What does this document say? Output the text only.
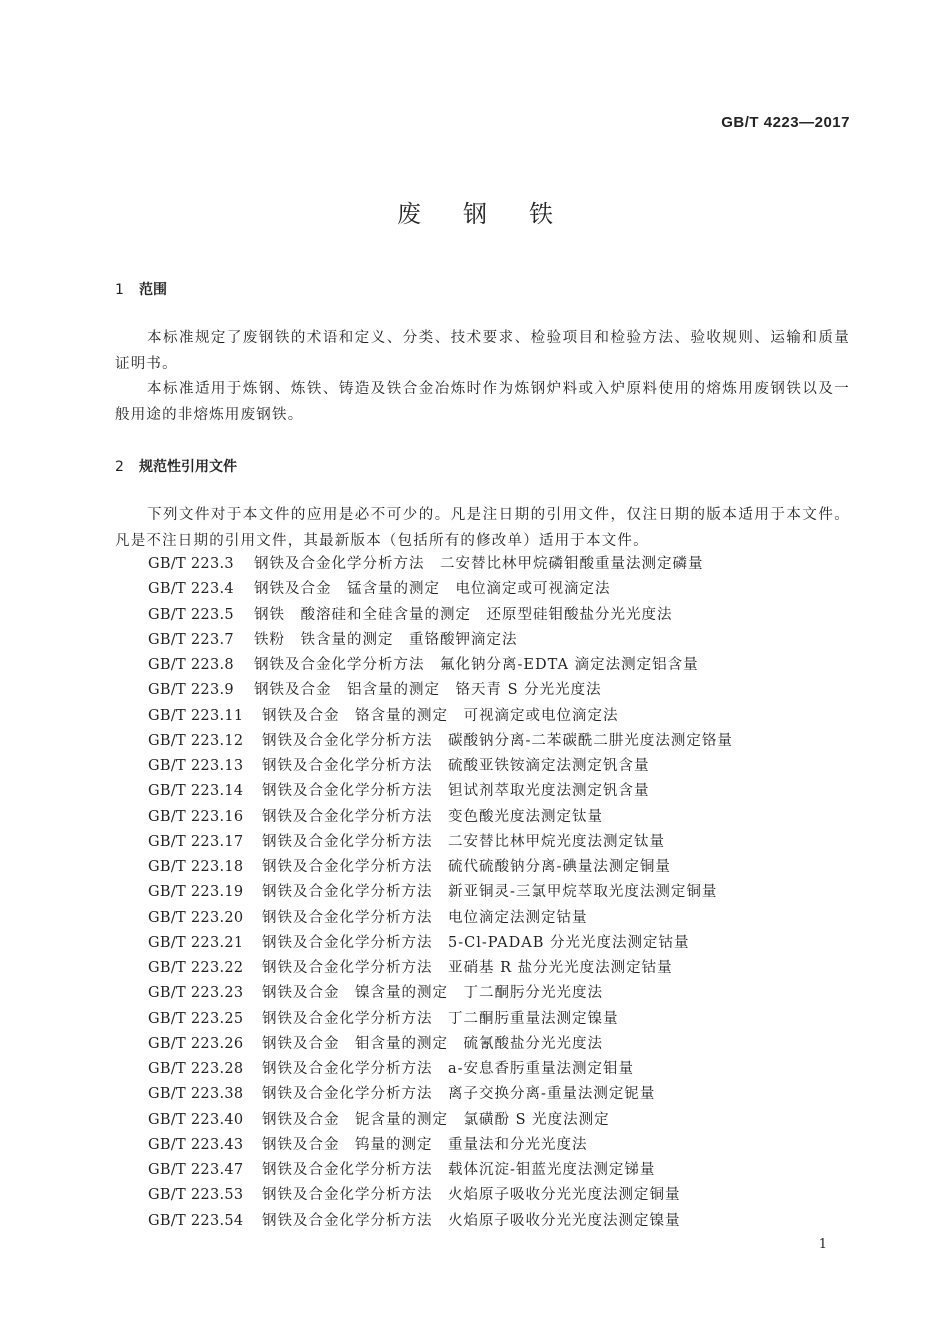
GB/T 4223—2017
废钢铁
1 范围
本标准规定了废钢铁的术语和定义、分类、技术要求、检验项目和检验方法、验收规则、运输和质量证明书。
本标准适用于炼钢、炼铁、铸造及铁合金冶炼时作为炼钢炉料或入炉原料使用的熔炼用废钢铁以及一般用途的非熔炼用废钢铁。
2 规范性引用文件
下列文件对于本文件的应用是必不可少的。凡是注日期的引用文件，仅注日期的版本适用于本文件。凡是不注日期的引用文件，其最新版本（包括所有的修改单）适用于本文件。
GB/T 223.3 钢铁及合金化学分析方法　二安替比林甲烷磷钼酸重量法测定磷量
GB/T 223.4 钢铁及合金　锰含量的测定　电位滴定或可视滴定法
GB/T 223.5 钢铁　酸溶硅和全硅含量的测定　还原型硅钼酸盐分光光度法
GB/T 223.7 铁粉　铁含量的测定　重铬酸钾滴定法
GB/T 223.8 钢铁及合金化学分析方法　氟化钠分离-EDTA 滴定法测定铝含量
GB/T 223.9 钢铁及合金　铝含量的测定　铬天青 S 分光光度法
GB/T 223.11 钢铁及合金　铬含量的测定　可视滴定或电位滴定法
GB/T 223.12 钢铁及合金化学分析方法　碳酸钠分离-二苯碳酰二肼光度法测定铬量
GB/T 223.13 钢铁及合金化学分析方法　硫酸亚铁铵滴定法测定钒含量
GB/T 223.14 钢铁及合金化学分析方法　钽试剂萃取光度法测定钒含量
GB/T 223.16 钢铁及合金化学分析方法　变色酸光度法测定钛量
GB/T 223.17 钢铁及合金化学分析方法　二安替比林甲烷光度法测定钛量
GB/T 223.18 钢铁及合金化学分析方法　硫代硫酸钠分离-碘量法测定铜量
GB/T 223.19 钢铁及合金化学分析方法　新亚铜灵-三氯甲烷萃取光度法测定铜量
GB/T 223.20 钢铁及合金化学分析方法　电位滴定法测定钴量
GB/T 223.21 钢铁及合金化学分析方法　5-Cl-PADAB 分光光度法测定钴量
GB/T 223.22 钢铁及合金化学分析方法　亚硝基 R 盐分光光度法测定钴量
GB/T 223.23 钢铁及合金　镍含量的测定　丁二酮肟分光光度法
GB/T 223.25 钢铁及合金化学分析方法　丁二酮肟重量法测定镍量
GB/T 223.26 钢铁及合金　钼含量的测定　硫氰酸盐分光光度法
GB/T 223.28 钢铁及合金化学分析方法　a-安息香肟重量法测定钼量
GB/T 223.38 钢铁及合金化学分析方法　离子交换分离-重量法测定铌量
GB/T 223.40 钢铁及合金　铌含量的测定　氯磺酚 S 光度法测定
GB/T 223.43 钢铁及合金　钨量的测定　重量法和分光光度法
GB/T 223.47 钢铁及合金化学分析方法　载体沉淀-钼蓝光度法测定锑量
GB/T 223.53 钢铁及合金化学分析方法　火焰原子吸收分光光度法测定铜量
GB/T 223.54 钢铁及合金化学分析方法　火焰原子吸收分光光度法测定镍量
1
